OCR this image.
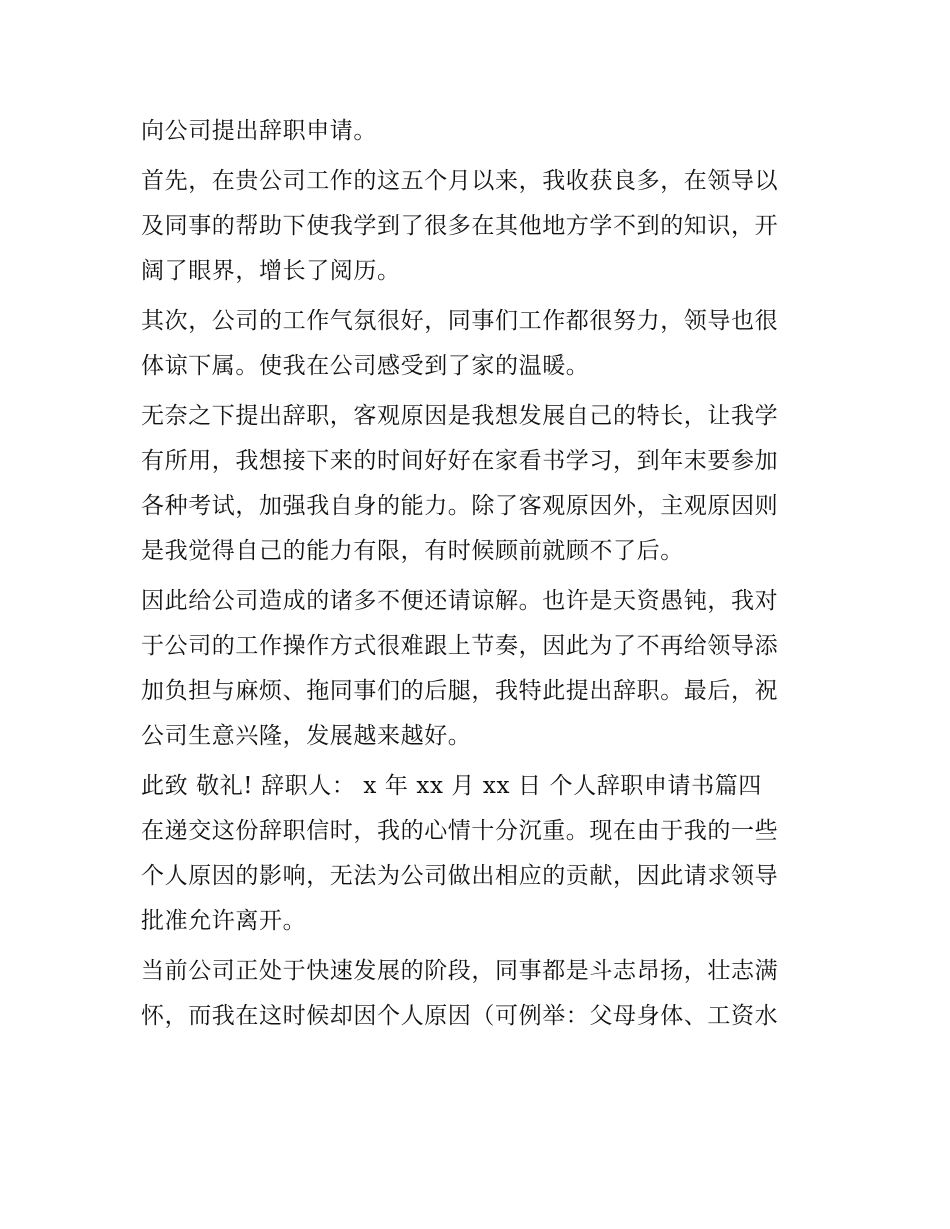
向公司提出辞职申请。
首先，在贵公司工作的这五个月以来，我收获良多，在领导以
及同事的帮助下使我学到了很多在其他地方学不到的知识，开
阔了眼界，增长了阅历。
其次，公司的工作气氛很好，同事们工作都很努力，领导也很
体谅下属。使我在公司感受到了家的温暖。
无奈之下提出辞职，客观原因是我想发展自己的特长，让我学
有所用，我想接下来的时间好好在家看书学习，到年末要参加
各种考试，加强我自身的能力。除了客观原因外，主观原因则
是我觉得自己的能力有限，有时候顾前就顾不了后。
因此给公司造成的诸多不便还请谅解。也许是天资愚钝，我对
于公司的工作操作方式很难跟上节奏，因此为了不再给领导添
加负担与麻烦、拖同事们的后腿，我特此提出辞职。最后，祝
公司生意兴隆，发展越来越好。
此致 敬礼! 辞职人： x 年 xx 月 xx 日 个人辞职申请书篇四
在递交这份辞职信时，我的心情十分沉重。现在由于我的一些
个人原因的影响，无法为公司做出相应的贡献，因此请求领导
批准允许离开。
当前公司正处于快速发展的阶段，同事都是斗志昂扬，壮志满
怀，而我在这时候却因个人原因（可例举：父母身体、工资水
